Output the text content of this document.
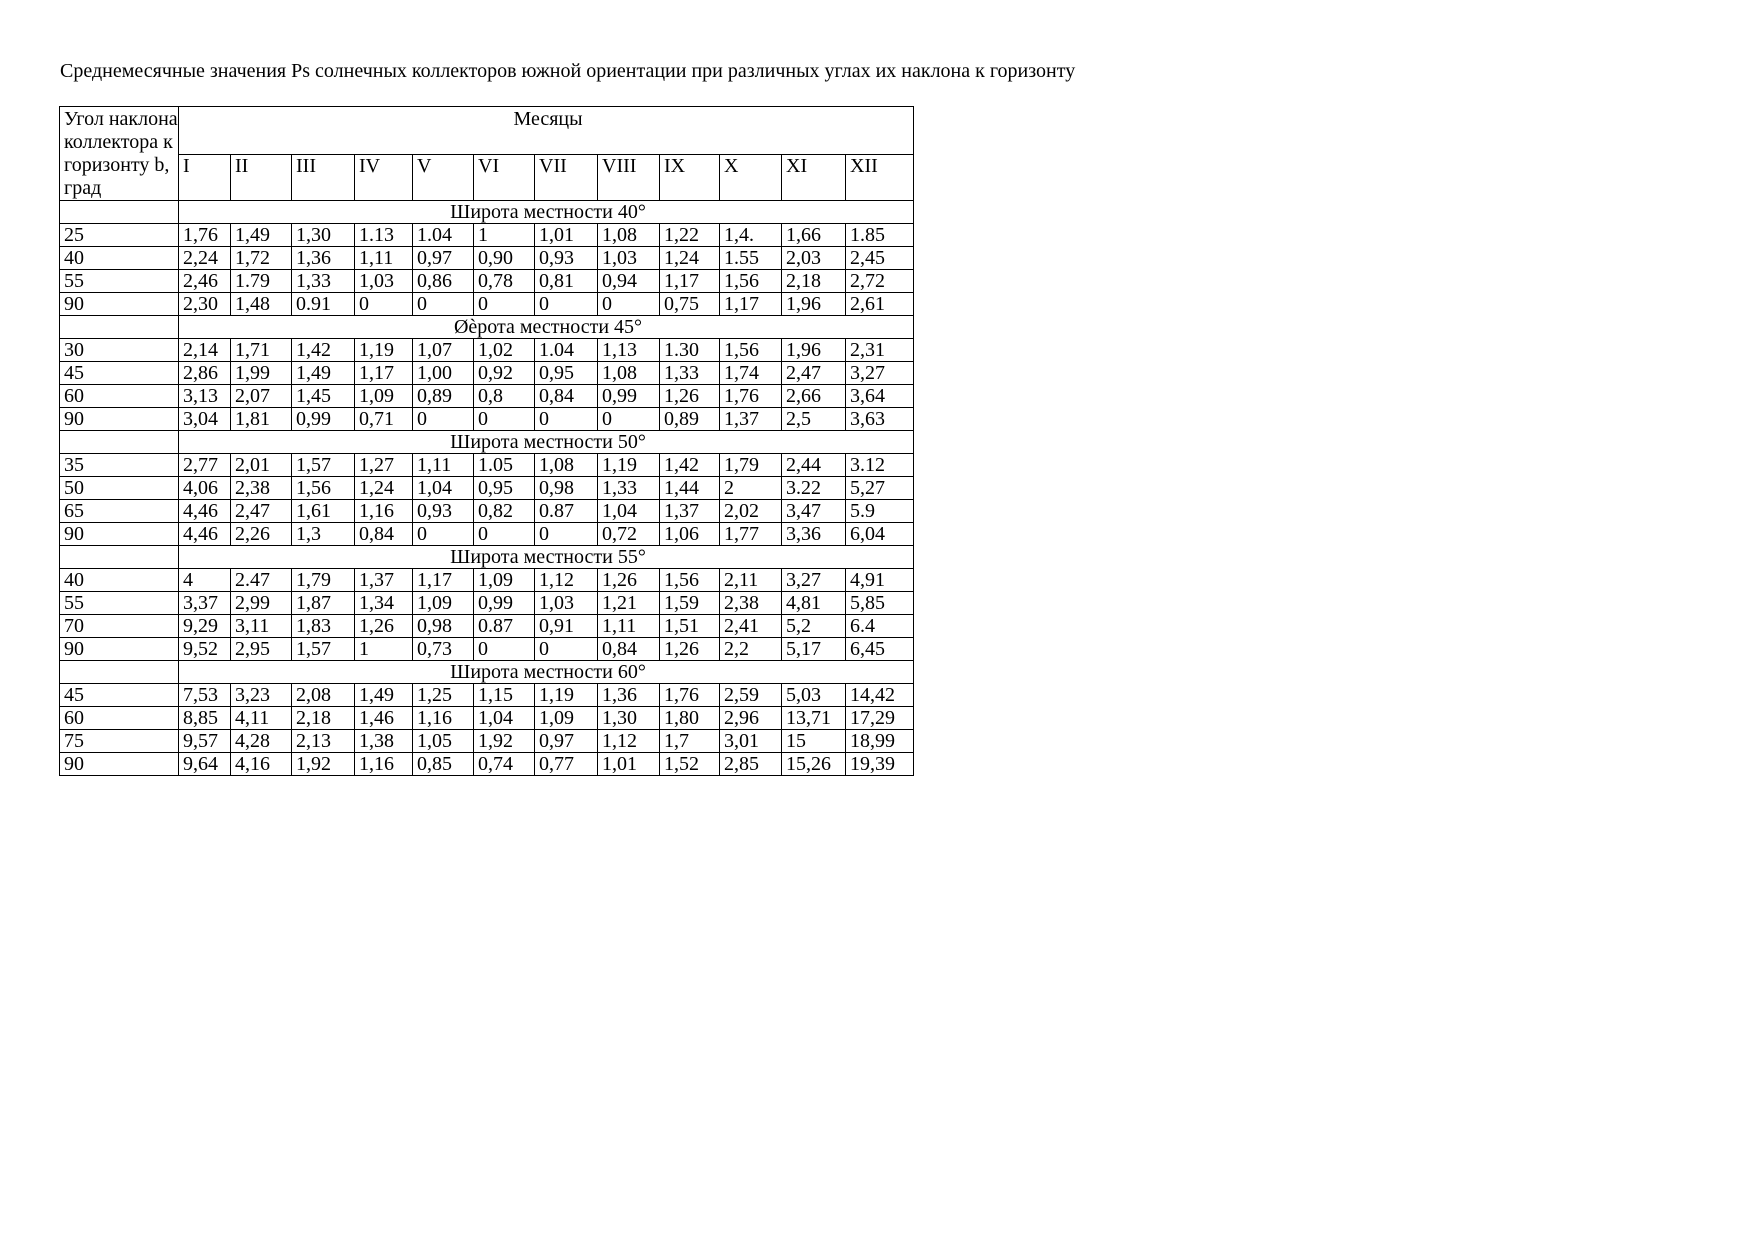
Среднемесячные значения Ps солнечных коллекторов южной ориентации при различных углах их наклона к горизонту
Угол наклона коллектора к горизонту b, град	Месяцы											
	I	II	III	IV	V	VI	VII	VIII	IX	X	XI	XII
	Широта местности 40°											
25	1,76	1,49	1,30	1.13	1.04	1	1,01	1,08	1,22	1,4.	1,66	1.85
40	2,24	1,72	1,36	1,11	0,97	0,90	0,93	1,03	1,24	1.55	2,03	2,45
55	2,46	1.79	1,33	1,03	0,86	0,78	0,81	0,94	1,17	1,56	2,18	2,72
90	2,30	1,48	0.91	0	0	0	0	0	0,75	1,17	1,96	2,61
	Øèрота местности 45°											
30	2,14	1,71	1,42	1,19	1,07	1,02	1.04	1,13	1.30	1,56	1,96	2,31
45	2,86	1,99	1,49	1,17	1,00	0,92	0,95	1,08	1,33	1,74	2,47	3,27
60	3,13	2,07	1,45	1,09	0,89	0,8	0,84	0,99	1,26	1,76	2,66	3,64
90	3,04	1,81	0,99	0,71	0	0	0	0	0,89	1,37	2,5	3,63
	Широта местности 50°											
35	2,77	2,01	1,57	1,27	1,11	1.05	1,08	1,19	1,42	1,79	2,44	3.12
50	4,06	2,38	1,56	1,24	1,04	0,95	0,98	1,33	1,44	2	3.22	5,27
65	4,46	2,47	1,61	1,16	0,93	0,82	0.87	1,04	1,37	2,02	3,47	5.9
90	4,46	2,26	1,3	0,84	0	0	0	0,72	1,06	1,77	3,36	6,04
	Широта местности 55°											
40	4	2.47	1,79	1,37	1,17	1,09	1,12	1,26	1,56	2,11	3,27	4,91
55	3,37	2,99	1,87	1,34	1,09	0,99	1,03	1,21	1,59	2,38	4,81	5,85
70	9,29	3,11	1,83	1,26	0,98	0.87	0,91	1,11	1,51	2,41	5,2	6.4
90	9,52	2,95	1,57	1	0,73	0	0	0,84	1,26	2,2	5,17	6,45
	Широта местности 60°											
45	7,53	3,23	2,08	1,49	1,25	1,15	1,19	1,36	1,76	2,59	5,03	14,42
60	8,85	4,11	2,18	1,46	1,16	1,04	1,09	1,30	1,80	2,96	13,71	17,29
75	9,57	4,28	2,13	1,38	1,05	1,92	0,97	1,12	1,7	3,01	15	18,99
90	9,64	4,16	1,92	1,16	0,85	0,74	0,77	1,01	1,52	2,85	15,26	19,39
